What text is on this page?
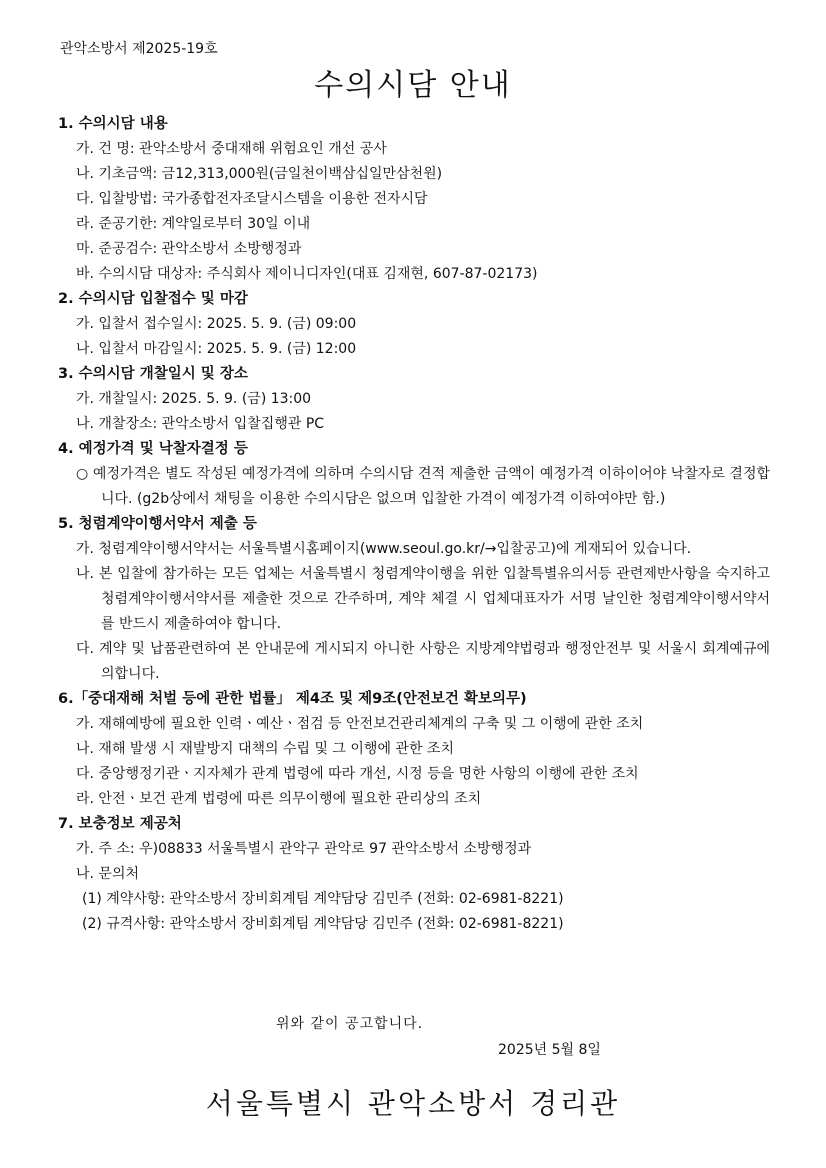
관악소방서 제2025-19호
수의시담 안내
1. 수의시담 내용
가. 건 명: 관악소방서 중대재해 위험요인 개선 공사
나. 기초금액: 금12,313,000원(금일천이백삼십일만삼천원)
다. 입찰방법: 국가종합전자조달시스템을 이용한 전자시담
라. 준공기한: 계약일로부터 30일 이내
마. 준공검수: 관악소방서 소방행정과
바. 수의시담 대상자: 주식회사 제이니디자인(대표 김재현, 607-87-02173)
2. 수의시담 입찰접수 및 마감
가. 입찰서 접수일시: 2025. 5. 9. (금) 09:00
나. 입찰서 마감일시: 2025. 5. 9. (금) 12:00
3. 수의시담 개찰일시 및 장소
가. 개찰일시: 2025. 5. 9. (금) 13:00
나. 개찰장소: 관악소방서 입찰집행관 PC
4. 예정가격 및 낙찰자결정 등
○ 예정가격은 별도 작성된 예정가격에 의하며 수의시담 견적 제출한 금액이 예정가격 이하이어야 낙찰자로 결정합니다. (g2b상에서 채팅을 이용한 수의시담은 없으며 입찰한 가격이 예정가격 이하여야만 함.)
5. 청렴계약이행서약서 제출 등
가. 청렴계약이행서약서는 서울특별시홈페이지(www.seoul.go.kr/→입찰공고)에 게재되어 있습니다.
나. 본 입찰에 참가하는 모든 업체는 서울특별시 청렴계약이행을 위한 입찰특별유의서등 관련제반사항을 숙지하고 청렴계약이행서약서를 제출한 것으로 간주하며, 계약 체결 시 업체대표자가 서명 날인한 청렴계약이행서약서를 반드시 제출하여야 합니다.
다. 계약 및 납품관련하여 본 안내문에 게시되지 아니한 사항은 지방계약법령과 행정안전부 및 서울시 회계예규에 의합니다.
6.「중대재해 처벌 등에 관한 법률」 제4조 및 제9조(안전보건 확보의무)
가. 재해예방에 필요한 인력ㆍ예산ㆍ점검 등 안전보건관리체계의 구축 및 그 이행에 관한 조치
나. 재해 발생 시 재발방지 대책의 수립 및 그 이행에 관한 조치
다. 중앙행정기관ㆍ지자체가 관계 법령에 따라 개선, 시정 등을 명한 사항의 이행에 관한 조치
라. 안전ㆍ보건 관계 법령에 따른 의무이행에 필요한 관리상의 조치
7. 보충정보 제공처
가. 주 소: 우)08833 서울특별시 관악구 관악로 97 관악소방서 소방행정과
나. 문의처
(1) 계약사항: 관악소방서 장비회계팀 계약담당 김민주 (전화: 02-6981-8221)
(2) 규격사항: 관악소방서 장비회계팀 계약담당 김민주 (전화: 02-6981-8221)
위와 같이 공고합니다.
2025년 5월 8일
서울특별시 관악소방서 경리관
